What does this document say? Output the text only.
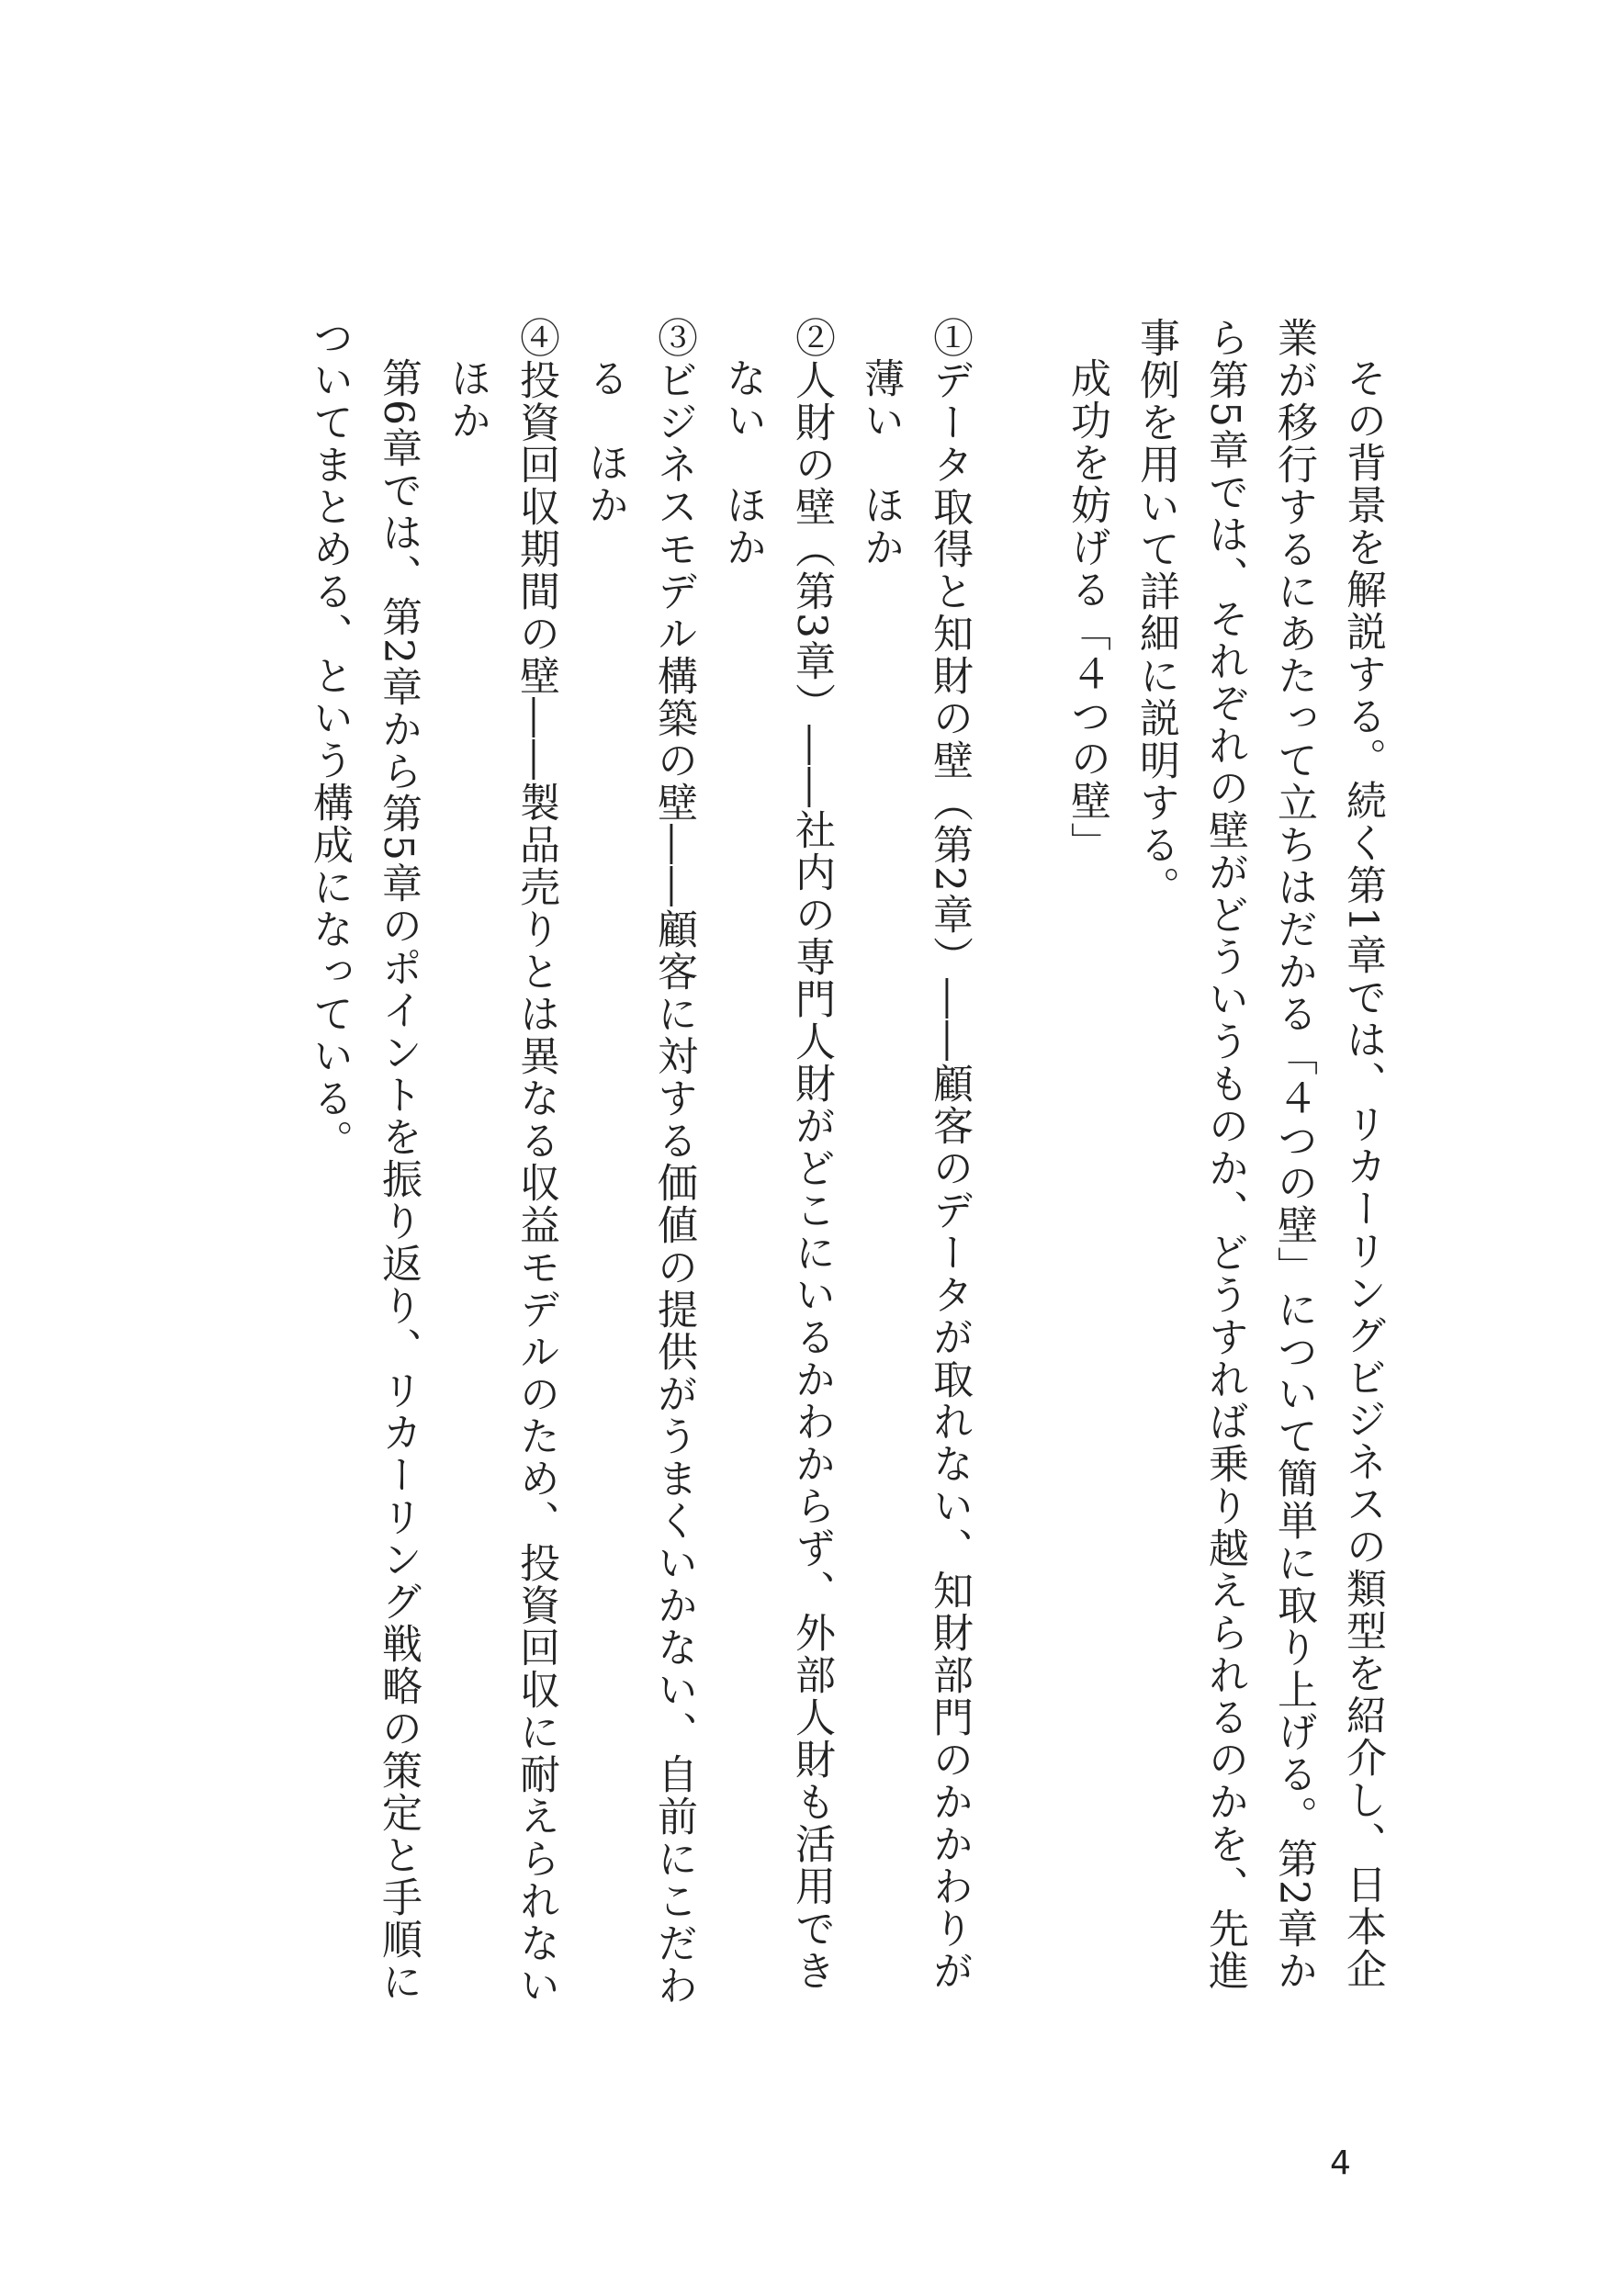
その背景を解説する。続く第1章では、リカーリングビジネスの類型を紹介し、日本企業が移行するにあたって立ちはだかる「４つの壁」について簡単に取り上げる。第2章から第5章では、それぞれの壁がどういうものか、どうすれば乗り越えられるのかを、先進事例を用いて詳細に説明する。

成功を妨げる「４つの壁」

①データ取得と知財の壁（第2章）――顧客のデータが取れない、知財部門のかかわりが薄い　ほか

②人財の壁（第3章）――社内の専門人財がどこにいるかわからず、外部人財も活用できない　ほか

③ビジネスモデル構築の壁――顧客に対する価値の提供がうまくいかない、自前にこだわる　ほか

④投資回収期間の壁――製品売りとは異なる収益モデルのため、投資回収に耐えられない　ほか

第6章では、第2章から第5章のポイントを振り返り、リカーリング戦略の策定と手順についてまとめる、という構成になっている。

4
